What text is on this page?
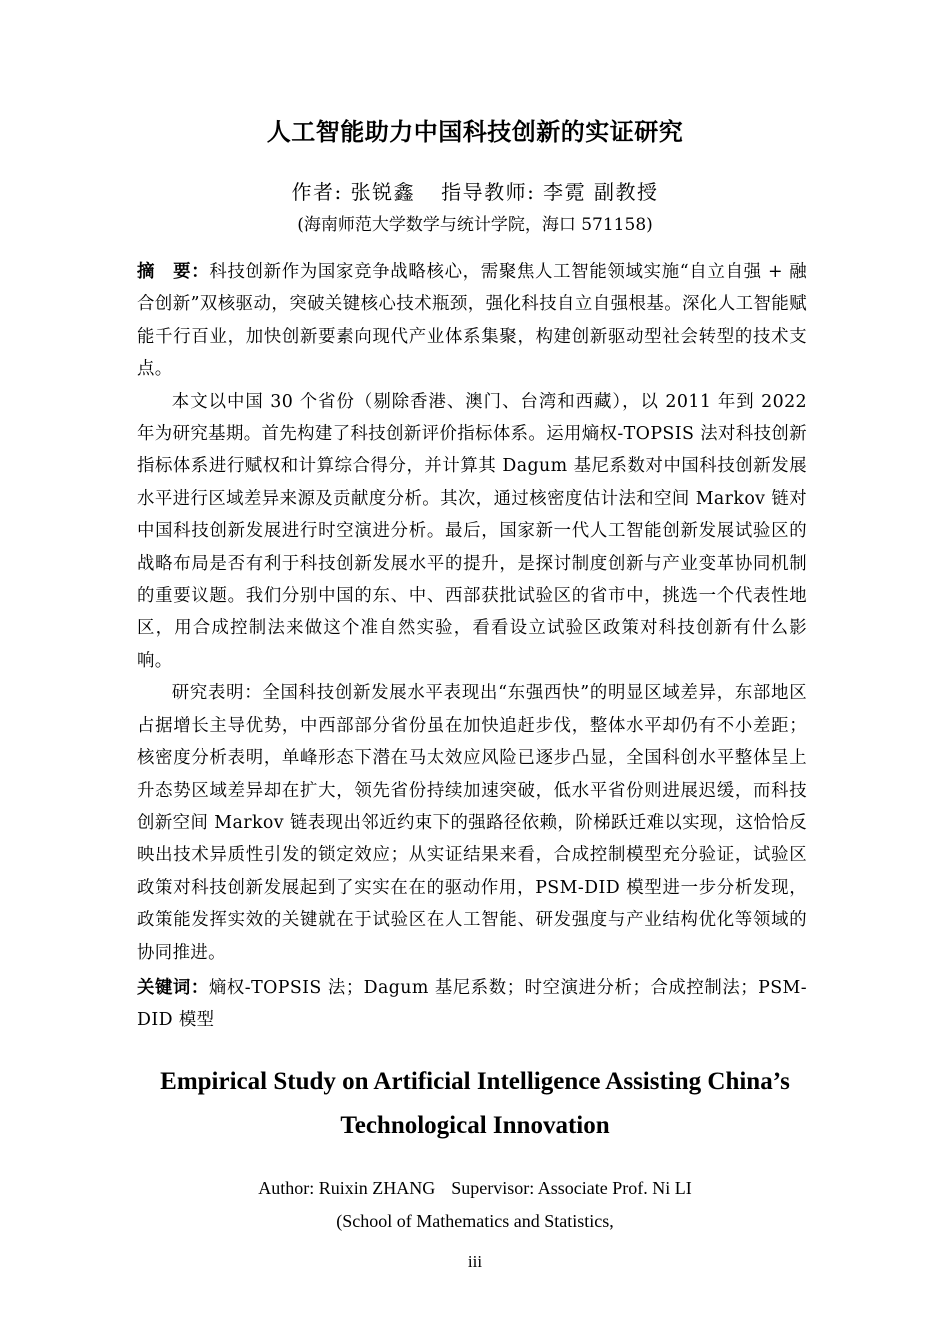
人工智能助力中国科技创新的实证研究
作者: 张锐鑫 指导教师: 李霓 副教授
(海南师范大学数学与统计学院，海口 571158)

摘　要：科技创新作为国家竞争战略核心，需聚焦人工智能领域实施“自立自强 + 融合创新”双核驱动，突破关键核心技术瓶颈，强化科技自立自强根基。深化人工智能赋能千行百业，加快创新要素向现代产业体系集聚，构建创新驱动型社会转型的技术支点。

本文以中国 30 个省份（剔除香港、澳门、台湾和西藏），以 2011 年到 2022 年为研究基期。首先构建了科技创新评价指标体系。运用熵权-TOPSIS 法对科技创新指标体系进行赋权和计算综合得分，并计算其 Dagum 基尼系数对中国科技创新发展水平进行区域差异来源及贡献度分析。其次，通过核密度估计法和空间 Markov 链对中国科技创新发展进行时空演进分析。最后，国家新一代人工智能创新发展试验区的战略布局是否有利于科技创新发展水平的提升，是探讨制度创新与产业变革协同机制的重要议题。我们分别中国的东、中、西部获批试验区的省市中，挑选一个代表性地区，用合成控制法来做这个准自然实验，看看设立试验区政策对科技创新有什么影响。

研究表明：全国科技创新发展水平表现出“东强西快”的明显区域差异，东部地区占据增长主导优势，中西部部分省份虽在加快追赶步伐，整体水平却仍有不小差距；核密度分析表明，单峰形态下潜在马太效应风险已逐步凸显，全国科创水平整体呈上升态势区域差异却在扩大，领先省份持续加速突破，低水平省份则进展迟缓，而科技创新空间 Markov 链表现出邻近约束下的强路径依赖，阶梯跃迁难以实现，这恰恰反映出技术异质性引发的锁定效应；从实证结果来看，合成控制模型充分验证，试验区政策对科技创新发展起到了实实在在的驱动作用，PSM-DID 模型进一步分析发现，政策能发挥实效的关键就在于试验区在人工智能、研发强度与产业结构优化等领域的协同推进。

关键词：熵权-TOPSIS 法；Dagum 基尼系数；时空演进分析；合成控制法；PSM-DID 模型
Empirical Study on Artificial Intelligence Assisting China’s
Technological Innovation
Author: Ruixin ZHANG Supervisor: Associate Prof. Ni LI
(School of Mathematics and Statistics,
iii
